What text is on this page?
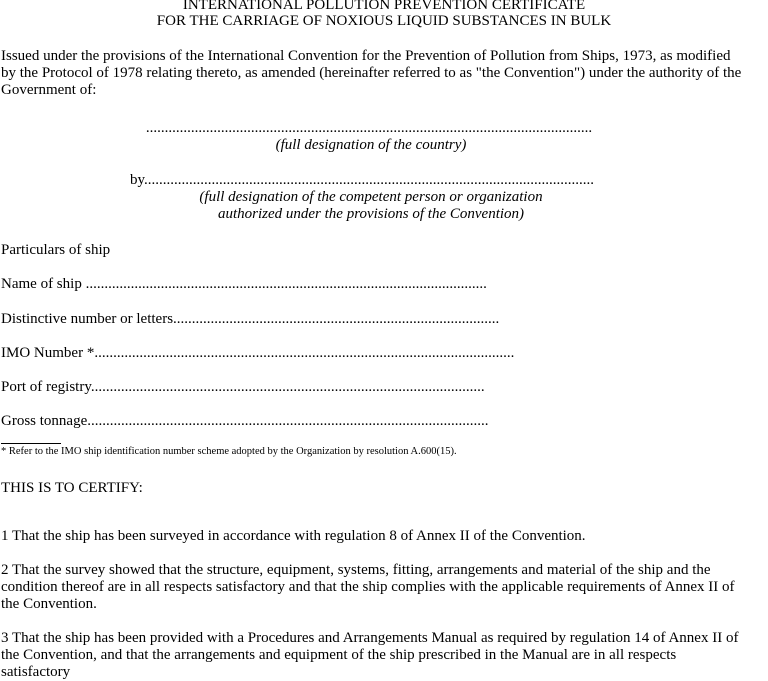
INTERNATIONAL POLLUTION PREVENTION CERTIFICATE
FOR THE CARRIAGE OF NOXIOUS LIQUID SUBSTANCES IN BULK
Issued under the provisions of the International Convention for the Prevention of Pollution from Ships, 1973, as modified by the Protocol of 1978 relating thereto, as amended (hereinafter referred to as "the Convention") under the authority of the Government of:
.......................................................................................................................
(full designation of the country)
by........................................................................................................................
(full designation of the competent person or organization
authorized under the provisions of the Convention)
Particulars of ship
Name of ship ...........................................................................................................
Distinctive number or letters.......................................................................................
IMO Number *................................................................................................................
Port of registry.........................................................................................................
Gross tonnage...........................................................................................................
* Refer to the IMO ship identification number scheme adopted by the Organization by resolution A.600(15).
THIS IS TO CERTIFY:
1 That the ship has been surveyed in accordance with regulation 8 of Annex II of the Convention.
2 That the survey showed that the structure, equipment, systems, fitting, arrangements and material of the ship and the condition thereof are in all respects satisfactory and that the ship complies with the applicable requirements of Annex II of the Convention.
3 That the ship has been provided with a Procedures and Arrangements Manual as required by regulation 14 of Annex II of the Convention, and that the arrangements and equipment of the ship prescribed in the Manual are in all respects satisfactory
